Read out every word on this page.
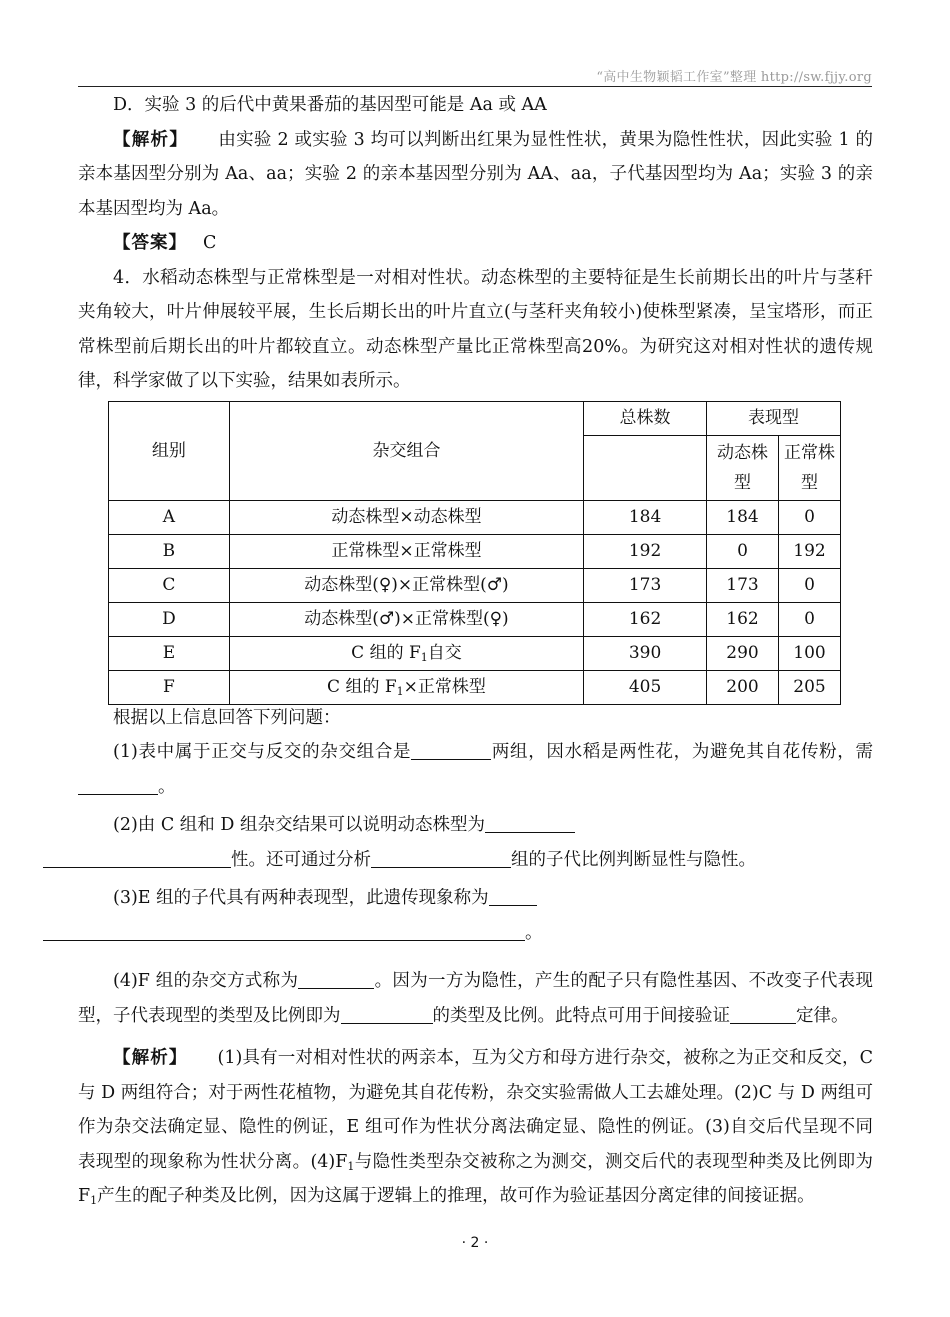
“高中生物颖韬工作室”整理 http://sw.fjjy.org

D．实验 3 的后代中黄果番茄的基因型可能是 Aa 或 AA

【解析】 由实验 2 或实验 3 均可以判断出红果为显性性状，黄果为隐性性状，因此实验 1 的亲本基因型分别为 Aa、aa；实验 2 的亲本基因型分别为 AA、aa，子代基因型均为 Aa；实验 3 的亲本基因型均为 Aa。

【答案】 C

4．水稻动态株型与正常株型是一对相对性状。动态株型的主要特征是生长前期长出的叶片与茎秆夹角较大，叶片伸展较平展，生长后期长出的叶片直立(与茎秆夹角较小)使株型紧凑，呈宝塔形，而正常株型前后期长出的叶片都较直立。动态株型产量比正常株型高20%。为研究这对相对性状的遗传规律，科学家做了以下实验，结果如表所示。

组别	杂交组合	总株数	表现型	
			动态株型	正常株型
A	动态株型×动态株型	184	184	0
B	正常株型×正常株型	192	0	192
C	动态株型(♀)×正常株型(♂)	173	173	0
D	动态株型(♂)×正常株型(♀)	162	162	0
E	C 组的 $F_1$自交	390	290	100
F	C 组的 $F_1\times$正常株型	405	200	205

根据以上信息回答下列问题：

(1)表中属于正交与反交的杂交组合是	两组，因水稻是两性花，为避免其自花传粉，需。

(2)由 C 组和 D 组杂交结果可以说明动态株型为
性。还可通过分析	组的子代比例判断显性与隐性。

(3)E 组的子代具有两种表现型，此遗传现象称为
。

(4)F 组的杂交方式称为	。因为一方为隐性，产生的配子只有隐性基因、不改变子代表现型，子代表现型的类型及比例即为	的类型及比例。此特点可用于间接验证	定律。

【解析】 (1)具有一对相对性状的两亲本，互为父方和母方进行杂交，被称之为正交和反交，C 与 D 两组符合；对于两性花植物，为避免其自花传粉，杂交实验需做人工去雄处理。(2)C 与 D 两组可作为杂交法确定显、隐性的例证，E 组可作为性状分离法确定显、隐性的例证。(3)自交后代呈现不同表现型的现象称为性状分离。$(4)F_1$与隐性类型杂交被称之为测交，测交后代的表现型种类及比例即为 $F_1$产生的配子种类及比例，因为这属于逻辑上的推理，故可作为验证基因分离定律的间接证据。

· 2 ·
